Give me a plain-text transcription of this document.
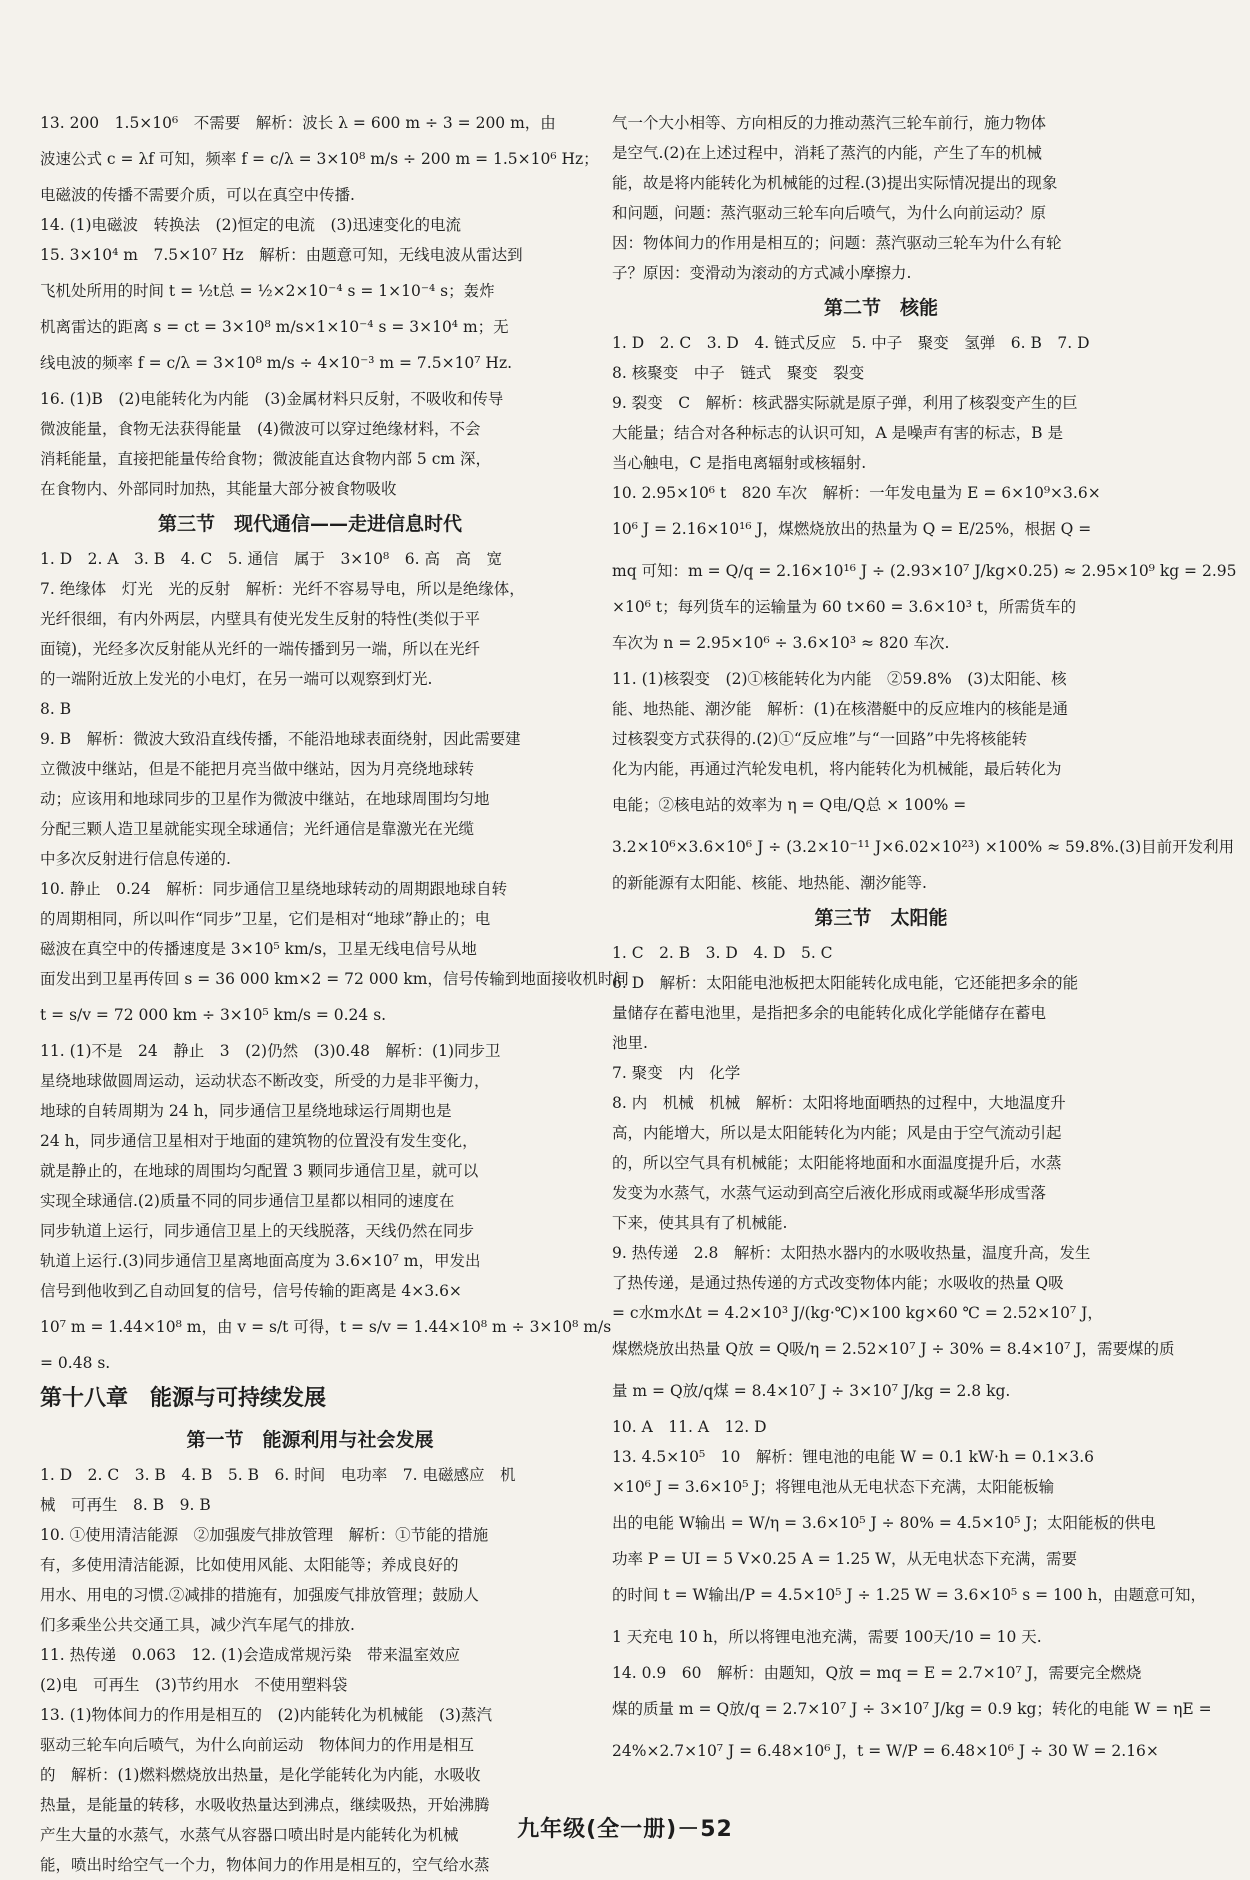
13. 200　1.5×10⁶　不需要　解析：波长 λ = 600 m ÷ 3 = 200 m，由
波速公式 c = λf 可知，频率 f = c/λ = 3×10⁸ m/s ÷ 200 m = 1.5×10⁶ Hz；
电磁波的传播不需要介质，可以在真空中传播.
14. (1)电磁波　转换法　(2)恒定的电流　(3)迅速变化的电流
15. 3×10⁴ m　7.5×10⁷ Hz　解析：由题意可知，无线电波从雷达到
飞机处所用的时间 t = ½t总 = ½×2×10⁻⁴ s = 1×10⁻⁴ s；轰炸
机离雷达的距离 s = ct = 3×10⁸ m/s×1×10⁻⁴ s = 3×10⁴ m；无
线电波的频率 f = c/λ = 3×10⁸ m/s ÷ 4×10⁻³ m = 7.5×10⁷ Hz.
16. (1)B　(2)电能转化为内能　(3)金属材料只反射，不吸收和传导
微波能量，食物无法获得能量　(4)微波可以穿过绝缘材料，不会
消耗能量，直接把能量传给食物；微波能直达食物内部 5 cm 深，
在食物内、外部同时加热，其能量大部分被食物吸收
第三节　现代通信——走进信息时代
1. D　2. A　3. B　4. C　5. 通信　属于　3×10⁸　6. 高　高　宽
7. 绝缘体　灯光　光的反射　解析：光纤不容易导电，所以是绝缘体，
光纤很细，有内外两层，内壁具有使光发生反射的特性(类似于平
面镜)，光经多次反射能从光纤的一端传播到另一端，所以在光纤
的一端附近放上发光的小电灯，在另一端可以观察到灯光.
8. B
9. B　解析：微波大致沿直线传播，不能沿地球表面绕射，因此需要建
立微波中继站，但是不能把月亮当做中继站，因为月亮绕地球转
动；应该用和地球同步的卫星作为微波中继站，在地球周围均匀地
分配三颗人造卫星就能实现全球通信；光纤通信是靠激光在光缆
中多次反射进行信息传递的.
10. 静止　0.24　解析：同步通信卫星绕地球转动的周期跟地球自转
的周期相同，所以叫作“同步”卫星，它们是相对“地球”静止的；电
磁波在真空中的传播速度是 3×10⁵ km/s，卫星无线电信号从地
面发出到卫星再传回 s = 36 000 km×2 = 72 000 km，信号传输到地面接收机时间
t = s/v = 72 000 km ÷ 3×10⁵ km/s = 0.24 s.
11. (1)不是　24　静止　3　(2)仍然　(3)0.48　解析：(1)同步卫
星绕地球做圆周运动，运动状态不断改变，所受的力是非平衡力，
地球的自转周期为 24 h，同步通信卫星绕地球运行周期也是
24 h，同步通信卫星相对于地面的建筑物的位置没有发生变化，
就是静止的，在地球的周围均匀配置 3 颗同步通信卫星，就可以
实现全球通信.(2)质量不同的同步通信卫星都以相同的速度在
同步轨道上运行，同步通信卫星上的天线脱落，天线仍然在同步
轨道上运行.(3)同步通信卫星离地面高度为 3.6×10⁷ m，甲发出
信号到他收到乙自动回复的信号，信号传输的距离是 4×3.6×
10⁷ m = 1.44×10⁸ m，由 v = s/t 可得，t = s/v = 1.44×10⁸ m ÷ 3×10⁸ m/s
= 0.48 s.
第十八章　能源与可持续发展
第一节　能源利用与社会发展
1. D　2. C　3. B　4. B　5. B　6. 时间　电功率　7. 电磁感应　机
械　可再生　8. B　9. B
10. ①使用清洁能源　②加强废气排放管理　解析：①节能的措施
有，多使用清洁能源，比如使用风能、太阳能等；养成良好的
用水、用电的习惯.②减排的措施有，加强废气排放管理；鼓励人
们多乘坐公共交通工具，减少汽车尾气的排放.
11. 热传递　0.063　12. (1)会造成常规污染　带来温室效应
(2)电　可再生　(3)节约用水　不使用塑料袋
13. (1)物体间力的作用是相互的　(2)内能转化为机械能　(3)蒸汽
驱动三轮车向后喷气，为什么向前运动　物体间力的作用是相互
的　解析：(1)燃料燃烧放出热量，是化学能转化为内能，水吸收
热量，是能量的转移，水吸收热量达到沸点，继续吸热，开始沸腾
产生大量的水蒸气，水蒸气从容器口喷出时是内能转化为机械
能，喷出时给空气一个力，物体间力的作用是相互的，空气给水蒸
气一个大小相等、方向相反的力推动蒸汽三轮车前行，施力物体
是空气.(2)在上述过程中，消耗了蒸汽的内能，产生了车的机械
能，故是将内能转化为机械能的过程.(3)提出实际情况提出的现象
和问题，问题：蒸汽驱动三轮车向后喷气，为什么向前运动？原
因：物体间力的作用是相互的；问题：蒸汽驱动三轮车为什么有轮
子？原因：变滑动为滚动的方式减小摩擦力.
第二节　核能
1. D　2. C　3. D　4. 链式反应　5. 中子　聚变　氢弹　6. B　7. D
8. 核聚变　中子　链式　聚变　裂变
9. 裂变　C　解析：核武器实际就是原子弹，利用了核裂变产生的巨
大能量；结合对各种标志的认识可知，A 是噪声有害的标志，B 是
当心触电，C 是指电离辐射或核辐射.
10. 2.95×10⁶ t　820 车次　解析：一年发电量为 E = 6×10⁹×3.6×
10⁶ J = 2.16×10¹⁶ J，煤燃烧放出的热量为 Q = E/25%，根据 Q =
mq 可知：m = Q/q = 2.16×10¹⁶ J ÷ (2.93×10⁷ J/kg×0.25) ≈ 2.95×10⁹ kg = 2.95
×10⁶ t；每列货车的运输量为 60 t×60 = 3.6×10³ t，所需货车的
车次为 n = 2.95×10⁶ ÷ 3.6×10³ ≈ 820 车次.
11. (1)核裂变　(2)①核能转化为内能　②59.8%　(3)太阳能、核
能、地热能、潮汐能　解析：(1)在核潜艇中的反应堆内的核能是通
过核裂变方式获得的.(2)①“反应堆”与“一回路”中先将核能转
化为内能，再通过汽轮发电机，将内能转化为机械能，最后转化为
电能；②核电站的效率为 η = Q电/Q总 × 100% =
3.2×10⁶×3.6×10⁶ J ÷ (3.2×10⁻¹¹ J×6.02×10²³) ×100% ≈ 59.8%.(3)目前开发利用
的新能源有太阳能、核能、地热能、潮汐能等.
第三节　太阳能
1. C　2. B　3. D　4. D　5. C
6. D　解析：太阳能电池板把太阳能转化成电能，它还能把多余的能
量储存在蓄电池里，是指把多余的电能转化成化学能储存在蓄电
池里.
7. 聚变　内　化学
8. 内　机械　机械　解析：太阳将地面晒热的过程中，大地温度升
高，内能增大，所以是太阳能转化为内能；风是由于空气流动引起
的，所以空气具有机械能；太阳能将地面和水面温度提升后，水蒸
发变为水蒸气，水蒸气运动到高空后液化形成雨或凝华形成雪落
下来，使其具有了机械能.
9. 热传递　2.8　解析：太阳热水器内的水吸收热量，温度升高，发生
了热传递，是通过热传递的方式改变物体内能；水吸收的热量 Q吸
= c水m水Δt = 4.2×10³ J/(kg·℃)×100 kg×60 ℃ = 2.52×10⁷ J，
煤燃烧放出热量 Q放 = Q吸/η = 2.52×10⁷ J ÷ 30% = 8.4×10⁷ J，需要煤的质
量 m = Q放/q煤 = 8.4×10⁷ J ÷ 3×10⁷ J/kg = 2.8 kg.
10. A　11. A　12. D
13. 4.5×10⁵　10　解析：锂电池的电能 W = 0.1 kW·h = 0.1×3.6
×10⁶ J = 3.6×10⁵ J；将锂电池从无电状态下充满，太阳能板输
出的电能 W输出 = W/η = 3.6×10⁵ J ÷ 80% = 4.5×10⁵ J；太阳能板的供电
功率 P = UI = 5 V×0.25 A = 1.25 W，从无电状态下充满，需要
的时间 t = W输出/P = 4.5×10⁵ J ÷ 1.25 W = 3.6×10⁵ s = 100 h，由题意可知，
1 天充电 10 h，所以将锂电池充满，需要 100天/10 = 10 天.
14. 0.9　60　解析：由题知，Q放 = mq = E = 2.7×10⁷ J，需要完全燃烧
煤的质量 m = Q放/q = 2.7×10⁷ J ÷ 3×10⁷ J/kg = 0.9 kg；转化的电能 W = ηE =
24%×2.7×10⁷ J = 6.48×10⁶ J，t = W/P = 6.48×10⁶ J ÷ 30 W = 2.16×
九年级(全一册)－52
